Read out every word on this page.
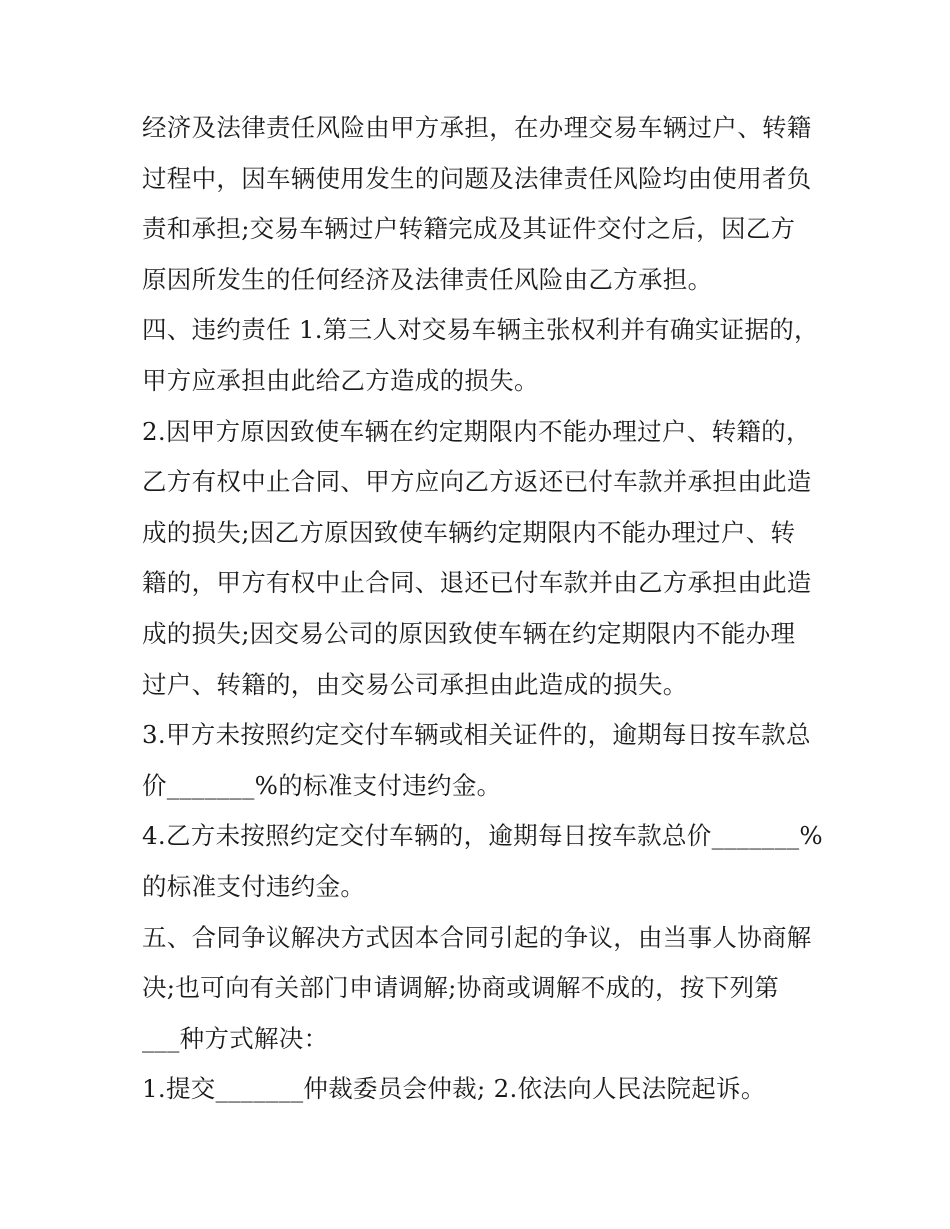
经济及法律责任风险由甲方承担，在办理交易车辆过户、转籍
过程中，因车辆使用发生的问题及法律责任风险均由使用者负
责和承担;交易车辆过户转籍完成及其证件交付之后，因乙方
原因所发生的任何经济及法律责任风险由乙方承担。
四、违约责任 1.第三人对交易车辆主张权利并有确实证据的，
甲方应承担由此给乙方造成的损失。
2.因甲方原因致使车辆在约定期限内不能办理过户、转籍的，
乙方有权中止合同、甲方应向乙方返还已付车款并承担由此造
成的损失;因乙方原因致使车辆约定期限内不能办理过户、转
籍的，甲方有权中止合同、退还已付车款并由乙方承担由此造
成的损失;因交易公司的原因致使车辆在约定期限内不能办理
过户、转籍的，由交易公司承担由此造成的损失。
3.甲方未按照约定交付车辆或相关证件的，逾期每日按车款总
价_______%的标准支付违约金。
4.乙方未按照约定交付车辆的，逾期每日按车款总价_______%
的标准支付违约金。
五、合同争议解决方式因本合同引起的争议，由当事人协商解
决;也可向有关部门申请调解;协商或调解不成的，按下列第
___种方式解决：
1.提交_______仲裁委员会仲裁; 2.依法向人民法院起诉。
